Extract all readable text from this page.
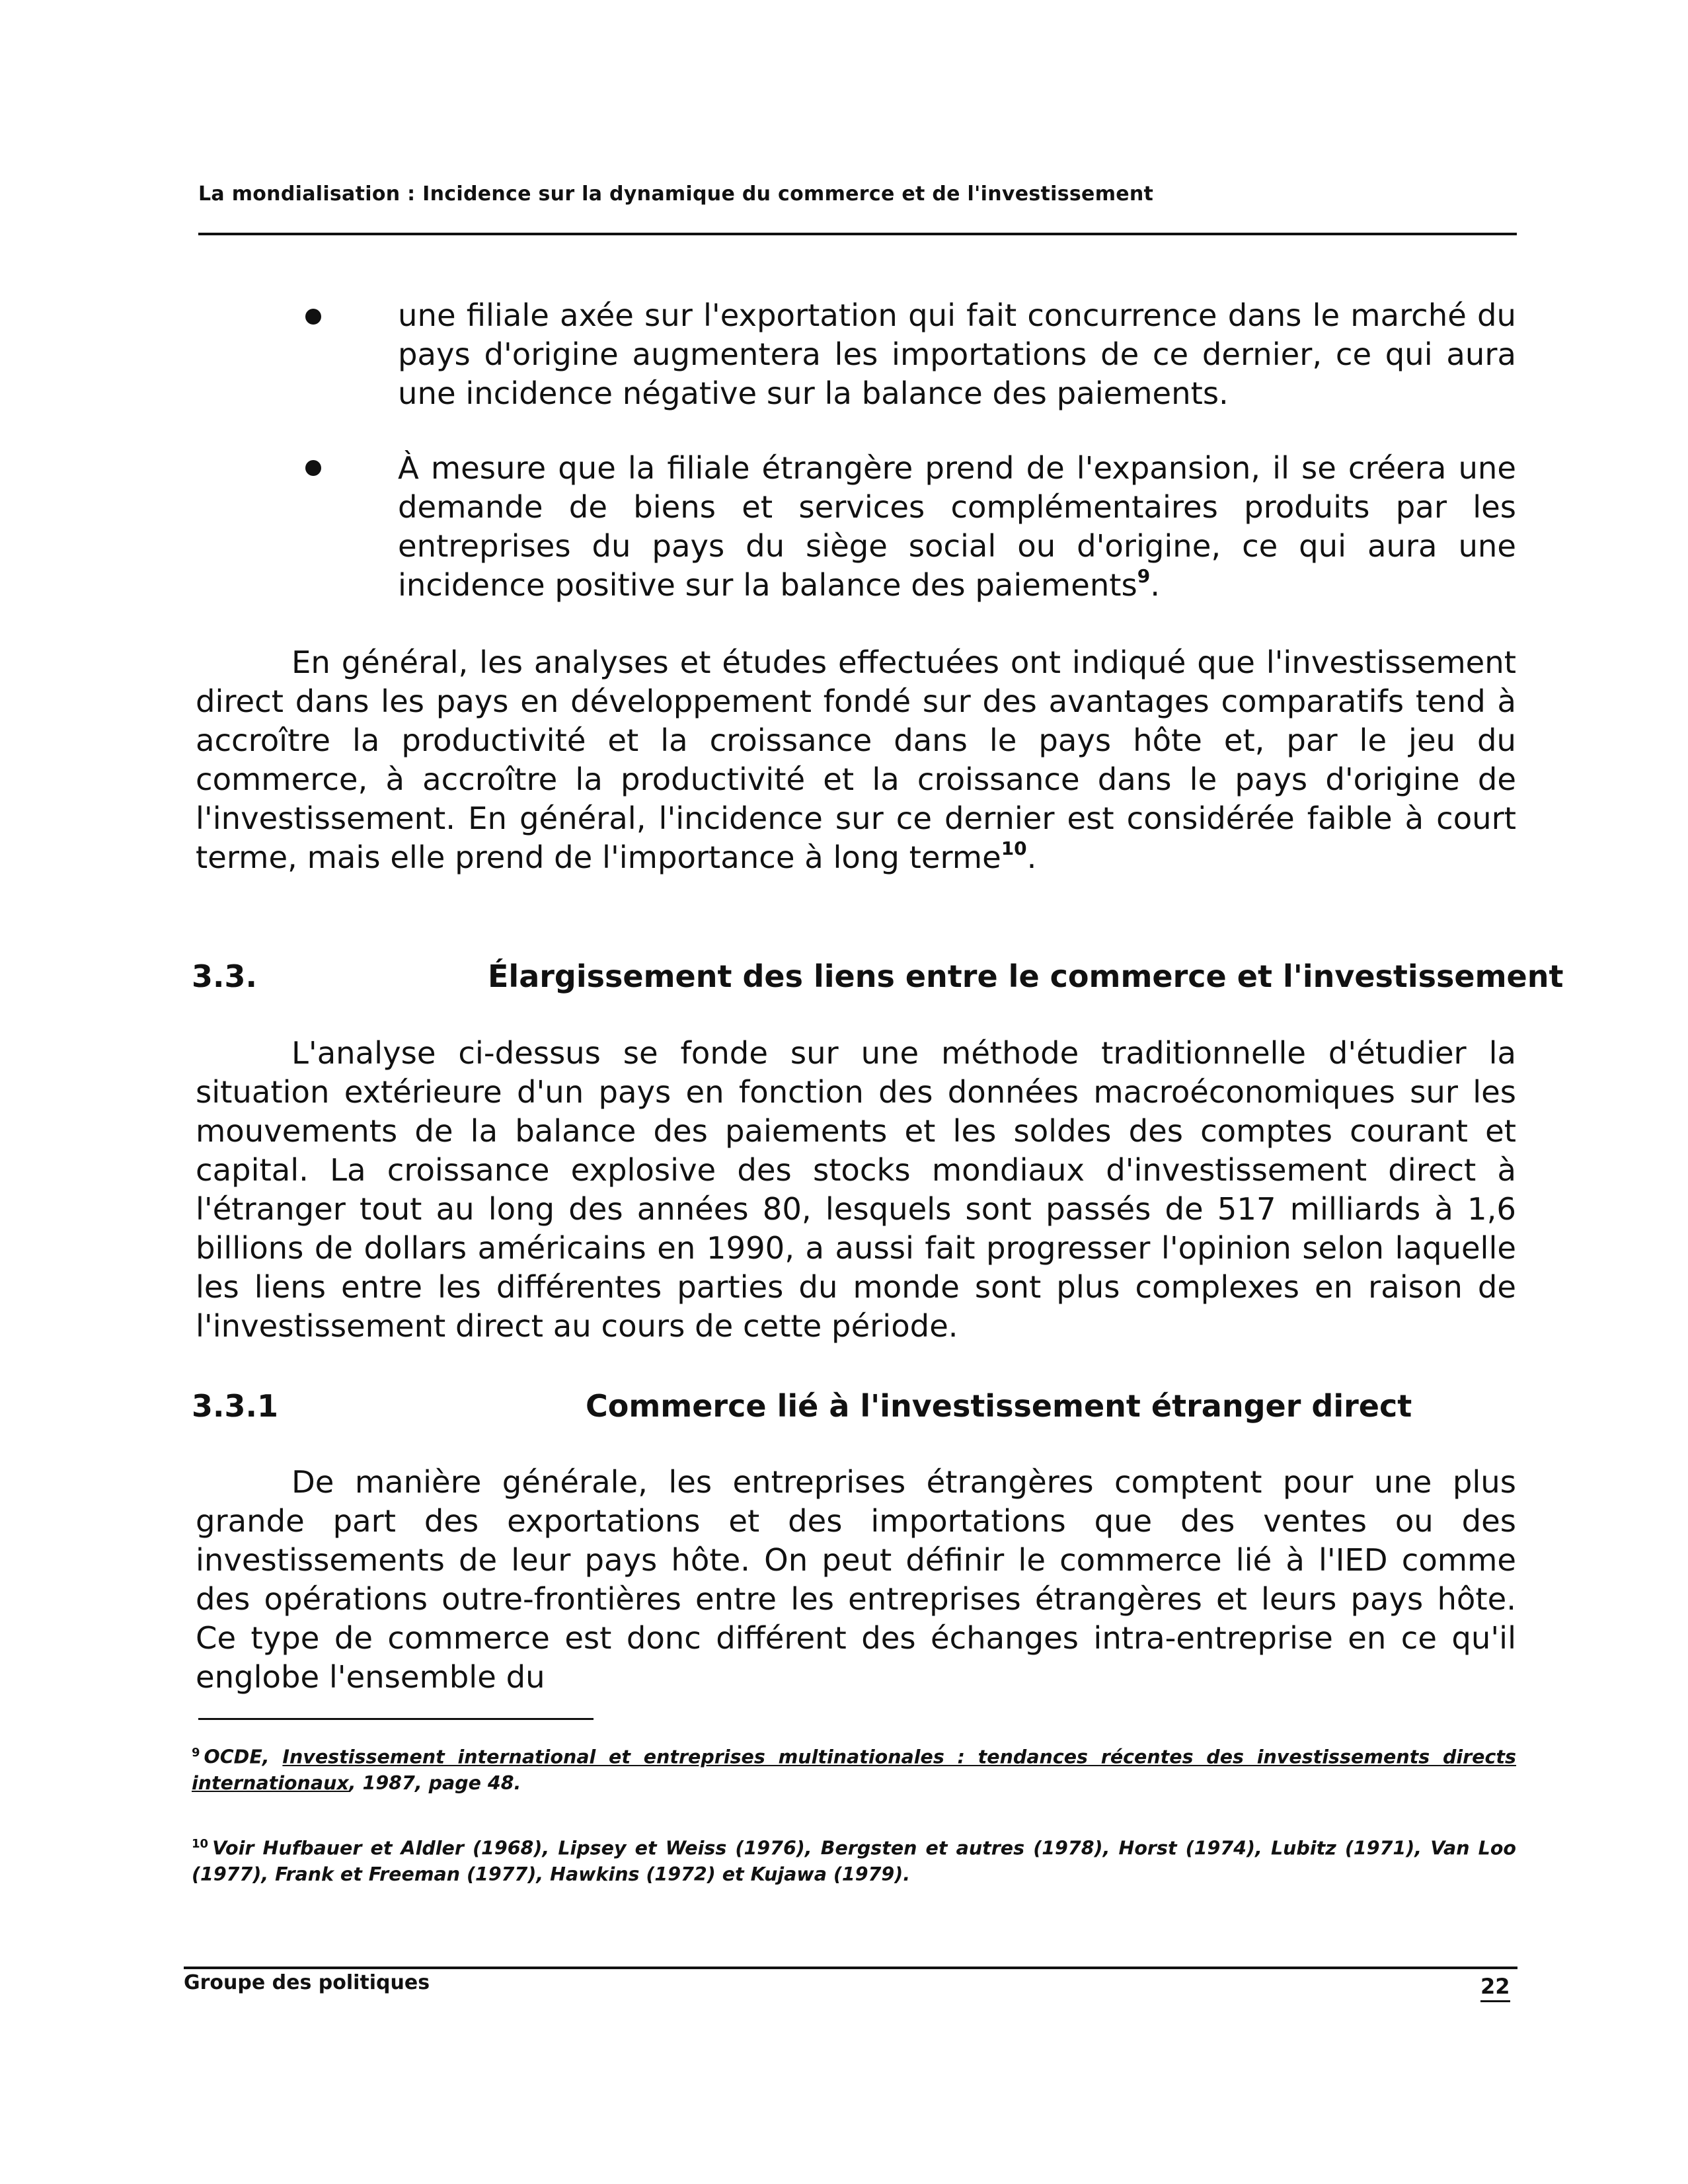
La mondialisation : Incidence sur la dynamique du commerce et de l'investissement

une filiale axée sur l'exportation qui fait concurrence dans le marché du pays d'origine augmentera les importations de ce dernier, ce qui aura une incidence négative sur la balance des paiements.

À mesure que la filiale étrangère prend de l'expansion, il se créera une demande de biens et services complémentaires produits par les entreprises du pays du siège social ou d'origine, ce qui aura une incidence positive sur la balance des paiements$^9$.

En général, les analyses et études effectuées ont indiqué que l'investissement direct dans les pays en développement fondé sur des avantages comparatifs tend à accroître la productivité et la croissance dans le pays hôte et, par le jeu du commerce, à accroître la productivité et la croissance dans le pays d'origine de l'investissement. En général, l'incidence sur ce dernier est considérée faible à court terme, mais elle prend de l'importance à long terme$^{10}$.

3.3.	Élargissement des liens entre le commerce et l'investissement

L'analyse ci-dessus se fonde sur une méthode traditionnelle d'étudier la situation extérieure d'un pays en fonction des données macroéconomiques sur les mouvements de la balance des paiements et les soldes des comptes courant et capital. La croissance explosive des stocks mondiaux d'investissement direct à l'étranger tout au long des années 80, lesquels sont passés de 517 milliards à 1,6 billions de dollars américains en 1990, a aussi fait progresser l'opinion selon laquelle les liens entre les différentes parties du monde sont plus complexes en raison de l'investissement direct au cours de cette période.

3.3.1	Commerce lié à l'investissement étranger direct

De manière générale, les entreprises étrangères comptent pour une plus grande part des exportations et des importations que des ventes ou des investissements de leur pays hôte. On peut définir le commerce lié à l'IED comme des opérations outre-frontières entre les entreprises étrangères et leurs pays hôte. Ce type de commerce est donc différent des échanges intra-entreprise en ce qu'il englobe l'ensemble du

$^9$ OCDE, Investissement international et entreprises multinationales : tendances récentes des investissements directs internationaux, 1987, page 48.

$^{10}$ Voir Hufbauer et Aldler (1968), Lipsey et Weiss (1976), Bergsten et autres (1978), Horst (1974), Lubitz (1971), Van Loo (1977), Frank et Freeman (1977), Hawkins (1972) et Kujawa (1979).

Groupe des politiques	22
